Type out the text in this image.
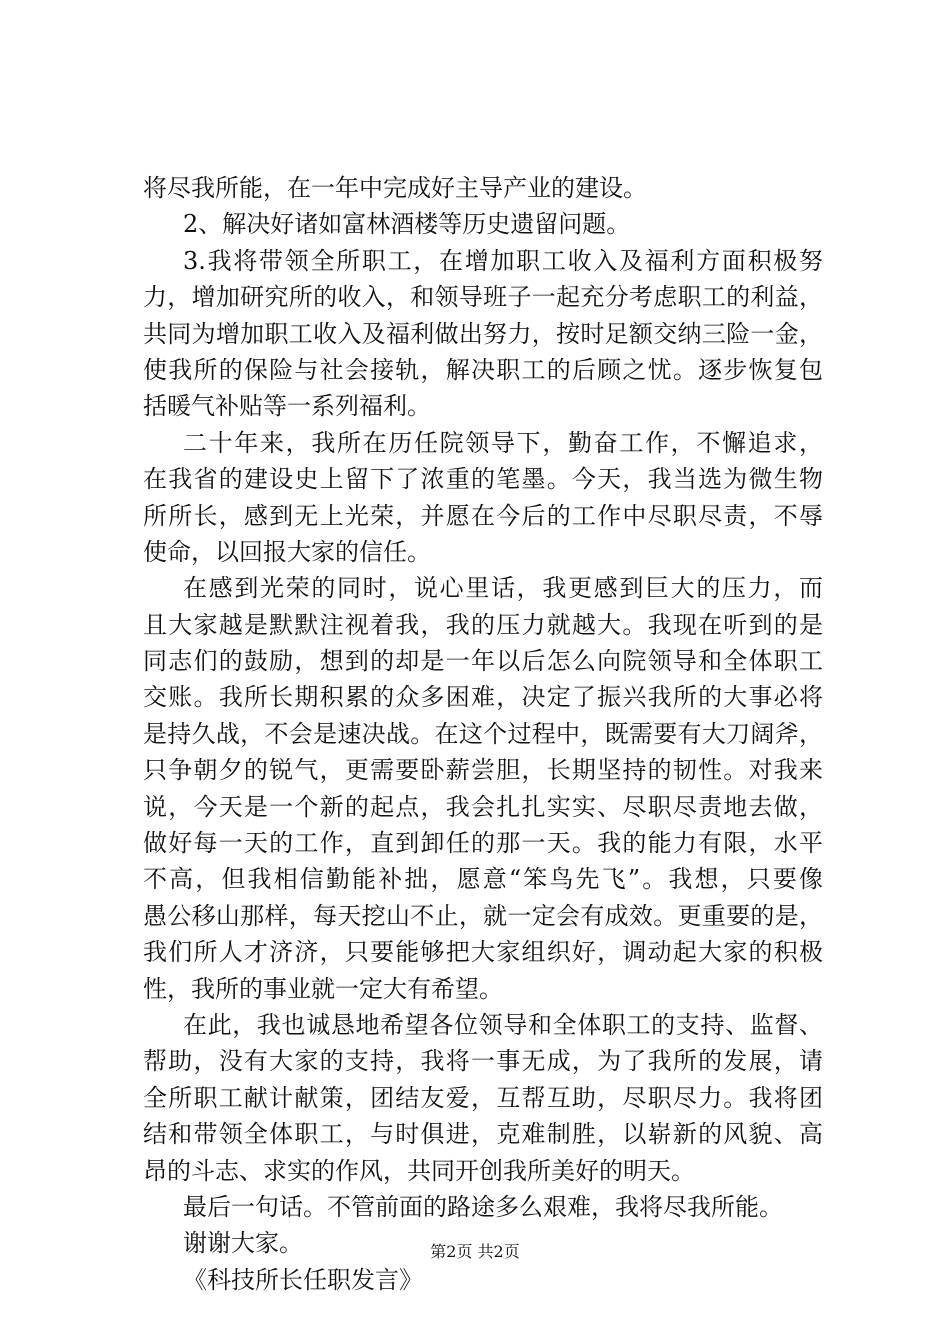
将尽我所能，在一年中完成好主导产业的建设。
2、解决好诸如富林酒楼等历史遗留问题。
3.我将带领全所职工，在增加职工收入及福利方面积极努
力，增加研究所的收入，和领导班子一起充分考虑职工的利益，
共同为增加职工收入及福利做出努力，按时足额交纳三险一金，
使我所的保险与社会接轨，解决职工的后顾之忧。逐步恢复包
括暖气补贴等一系列福利。
二十年来，我所在历任院领导下，勤奋工作，不懈追求，
在我省的建设史上留下了浓重的笔墨。今天，我当选为微生物
所所长，感到无上光荣，并愿在今后的工作中尽职尽责，不辱
使命，以回报大家的信任。
在感到光荣的同时，说心里话，我更感到巨大的压力，而
且大家越是默默注视着我，我的压力就越大。我现在听到的是
同志们的鼓励，想到的却是一年以后怎么向院领导和全体职工
交账。我所长期积累的众多困难，决定了振兴我所的大事必将
是持久战，不会是速决战。在这个过程中，既需要有大刀阔斧，
只争朝夕的锐气，更需要卧薪尝胆，长期坚持的韧性。对我来
说，今天是一个新的起点，我会扎扎实实、尽职尽责地去做，
做好每一天的工作，直到卸任的那一天。我的能力有限，水平
不高，但我相信勤能补拙，愿意“笨鸟先飞”。我想，只要像
愚公移山那样，每天挖山不止，就一定会有成效。更重要的是，
我们所人才济济，只要能够把大家组织好，调动起大家的积极
性，我所的事业就一定大有希望。
在此，我也诚恳地希望各位领导和全体职工的支持、监督、
帮助，没有大家的支持，我将一事无成，为了我所的发展，请
全所职工献计献策，团结友爱，互帮互助，尽职尽力。我将团
结和带领全体职工，与时俱进，克难制胜，以崭新的风貌、高
昂的斗志、求实的作风，共同开创我所美好的明天。
最后一句话。不管前面的路途多么艰难，我将尽我所能。
谢谢大家。
《科技所长任职发言》
第2页 共2页
